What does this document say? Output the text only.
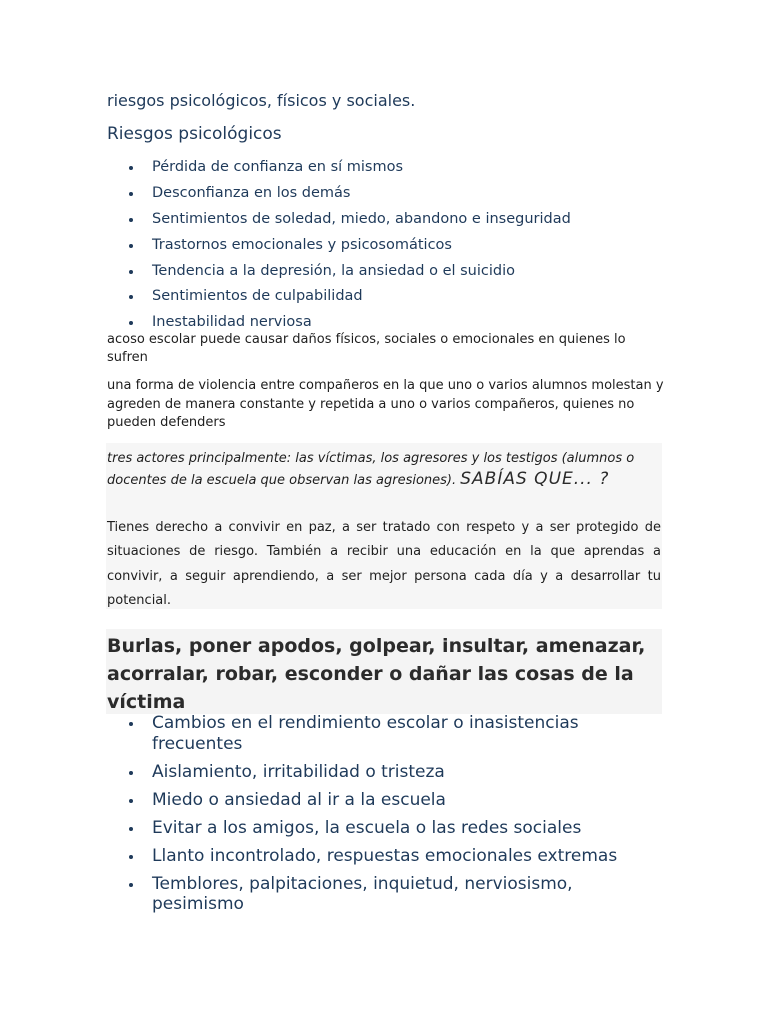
riesgos psicológicos, físicos y sociales.

Riesgos psicológicos
Pérdida de confianza en sí mismos
Desconfianza en los demás
Sentimientos de soledad, miedo, abandono e inseguridad
Trastornos emocionales y psicosomáticos
Tendencia a la depresión, la ansiedad o el suicidio
Sentimientos de culpabilidad
Inestabilidad nerviosa

acoso escolar puede causar daños físicos, sociales o emocionales en quienes lo sufren

una forma de violencia entre compañeros en la que uno o varios alumnos molestan y agreden de manera constante y repetida a uno o varios compañeros, quienes no pueden defenders

tres actores principalmente: las víctimas, los agresores y los testigos (alumnos o docentes de la escuela que observan las agresiones). SABÍAS QUE... ?

Tienes derecho a convivir en paz, a ser tratado con respeto y a ser protegido de situaciones de riesgo. También a recibir una educación en la que aprendas a convivir, a seguir aprendiendo, a ser mejor persona cada día y a desarrollar tu potencial.

Burlas, poner apodos, golpear, insultar, amenazar, acorralar, robar, esconder o dañar las cosas de la víctima
Cambios en el rendimiento escolar o inasistencias frecuentes
Aislamiento, irritabilidad o tristeza
Miedo o ansiedad al ir a la escuela
Evitar a los amigos, la escuela o las redes sociales
Llanto incontrolado, respuestas emocionales extremas
Temblores, palpitaciones, inquietud, nerviosismo, pesimismo
